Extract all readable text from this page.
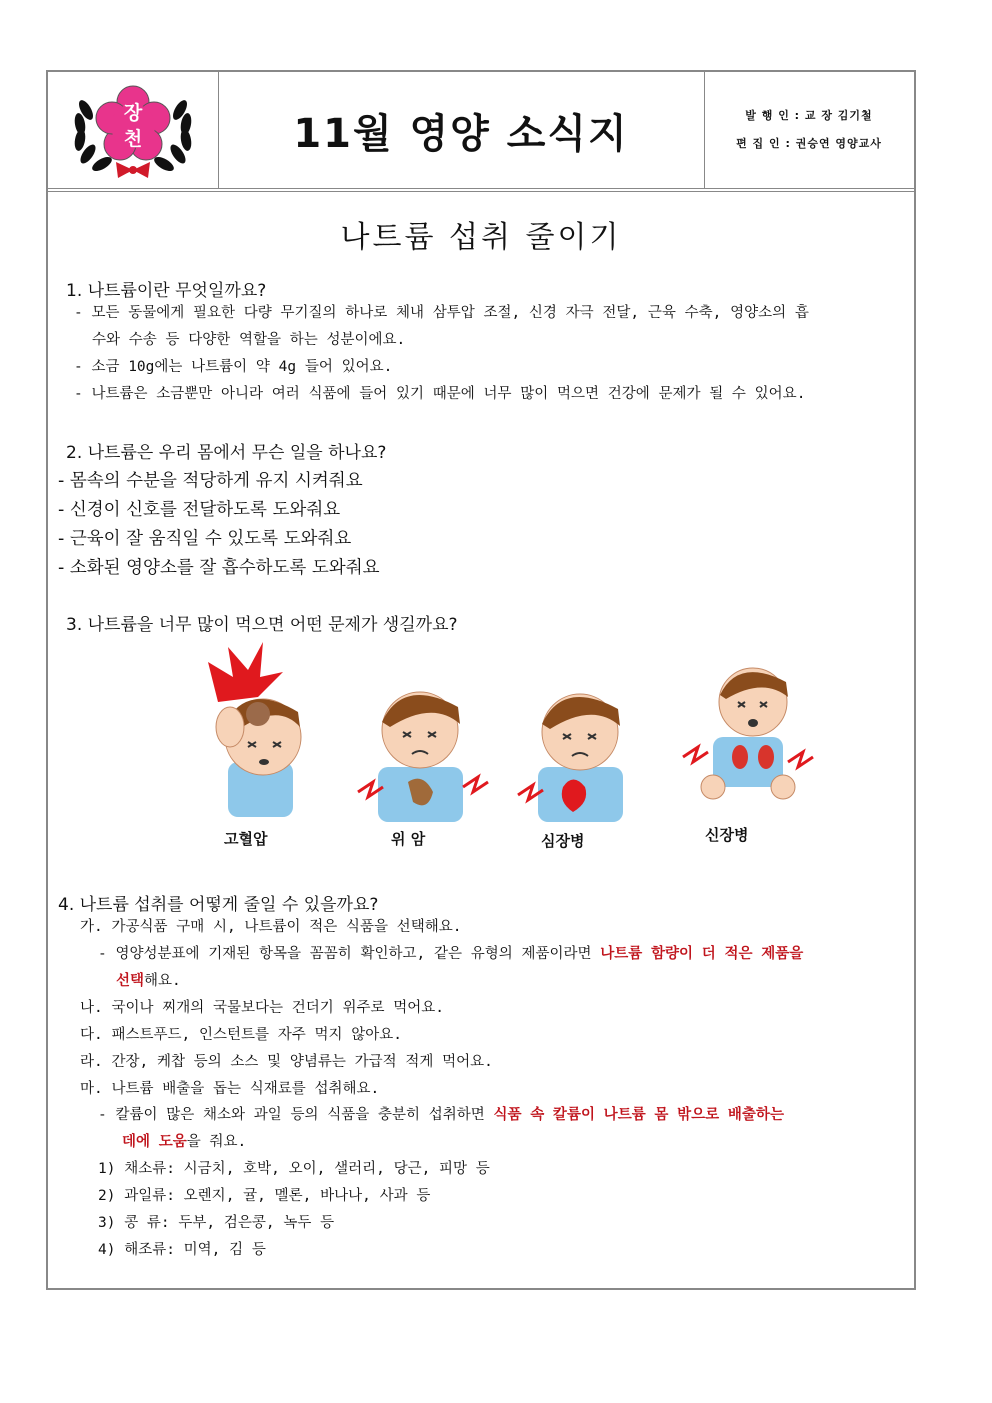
장
천	11월 영양 소식지	발 행 인 : 교 장 김기철
편 집 인 : 권승연 영양교사
나트륨 섭취 줄이기
1. 나트륨이란 무엇일까요?
- 모든 동물에게 필요한 다량 무기질의 하나로 체내 삼투압 조절, 신경 자극 전달, 근육 수축, 영양소의 흡
수와 수송 등 다양한 역할을 하는 성분이에요.
- 소금 10g에는 나트륨이 약 4g 들어 있어요.
- 나트륨은 소금뿐만 아니라 여러 식품에 들어 있기 때문에 너무 많이 먹으면 건강에 문제가 될 수 있어요.
2. 나트륨은 우리 몸에서 무슨 일을 하나요?
- 몸속의 수분을 적당하게 유지 시켜줘요
- 신경이 신호를 전달하도록 도와줘요
- 근육이 잘 움직일 수 있도록 도와줘요
- 소화된 영양소를 잘 흡수하도록 도와줘요
3. 나트륨을 너무 많이 먹으면 어떤 문제가 생길까요?
고혈압	위 암	심장병	신장병
4. 나트륨 섭취를 어떻게 줄일 수 있을까요?
가. 가공식품 구매 시, 나트륨이 적은 식품을 선택해요.
- 영양성분표에 기재된 항목을 꼼꼼히 확인하고, 같은 유형의 제품이라면 나트륨 함량이 더 적은 제품을
선택해요.
나. 국이나 찌개의 국물보다는 건더기 위주로 먹어요.
다. 패스트푸드, 인스턴트를 자주 먹지 않아요.
라. 간장, 케찹 등의 소스 및 양념류는 가급적 적게 먹어요.
마. 나트륨 배출을 돕는 식재료를 섭취해요.
- 칼륨이 많은 채소와 과일 등의 식품을 충분히 섭취하면 식품 속 칼륨이 나트륨 몸 밖으로 배출하는
데에 도움을 줘요.
1) 채소류: 시금치, 호박, 오이, 샐러리, 당근, 피망 등
2) 과일류: 오렌지, 귤, 멜론, 바나나, 사과 등
3) 콩 류: 두부, 검은콩, 녹두 등
4) 해조류: 미역, 김 등
